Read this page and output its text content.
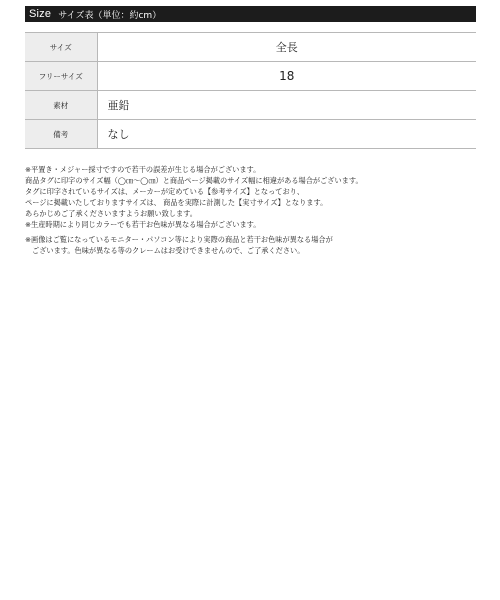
Size サイズ表（単位：約cm）
サイズ	全長
フリーサイズ	18
素材	亜鉛
備考	なし
※平置き・メジャー採寸ですので若干の誤差が生じる場合がございます。
商品タグに印字のサイズ幅（◯㎝〜◯㎝）と商品ページ掲載のサイズ幅に相違がある場合がございます。
タグに印字されているサイズは、メーカーが定めている【参考サイズ】となっており、
ページに掲載いたしておりますサイズは、 商品を実際に計測した【実寸サイズ】となります。
あらかじめご了承くださいますようお願い致します。
※生産時期により同じカラーでも若干お色味が異なる場合がございます。
※画像はご覧になっているモニター・パソコン等により実際の商品と若干お色味が異なる場合が
ございます。色味が異なる等のクレームはお受けできませんので、ご了承ください。
